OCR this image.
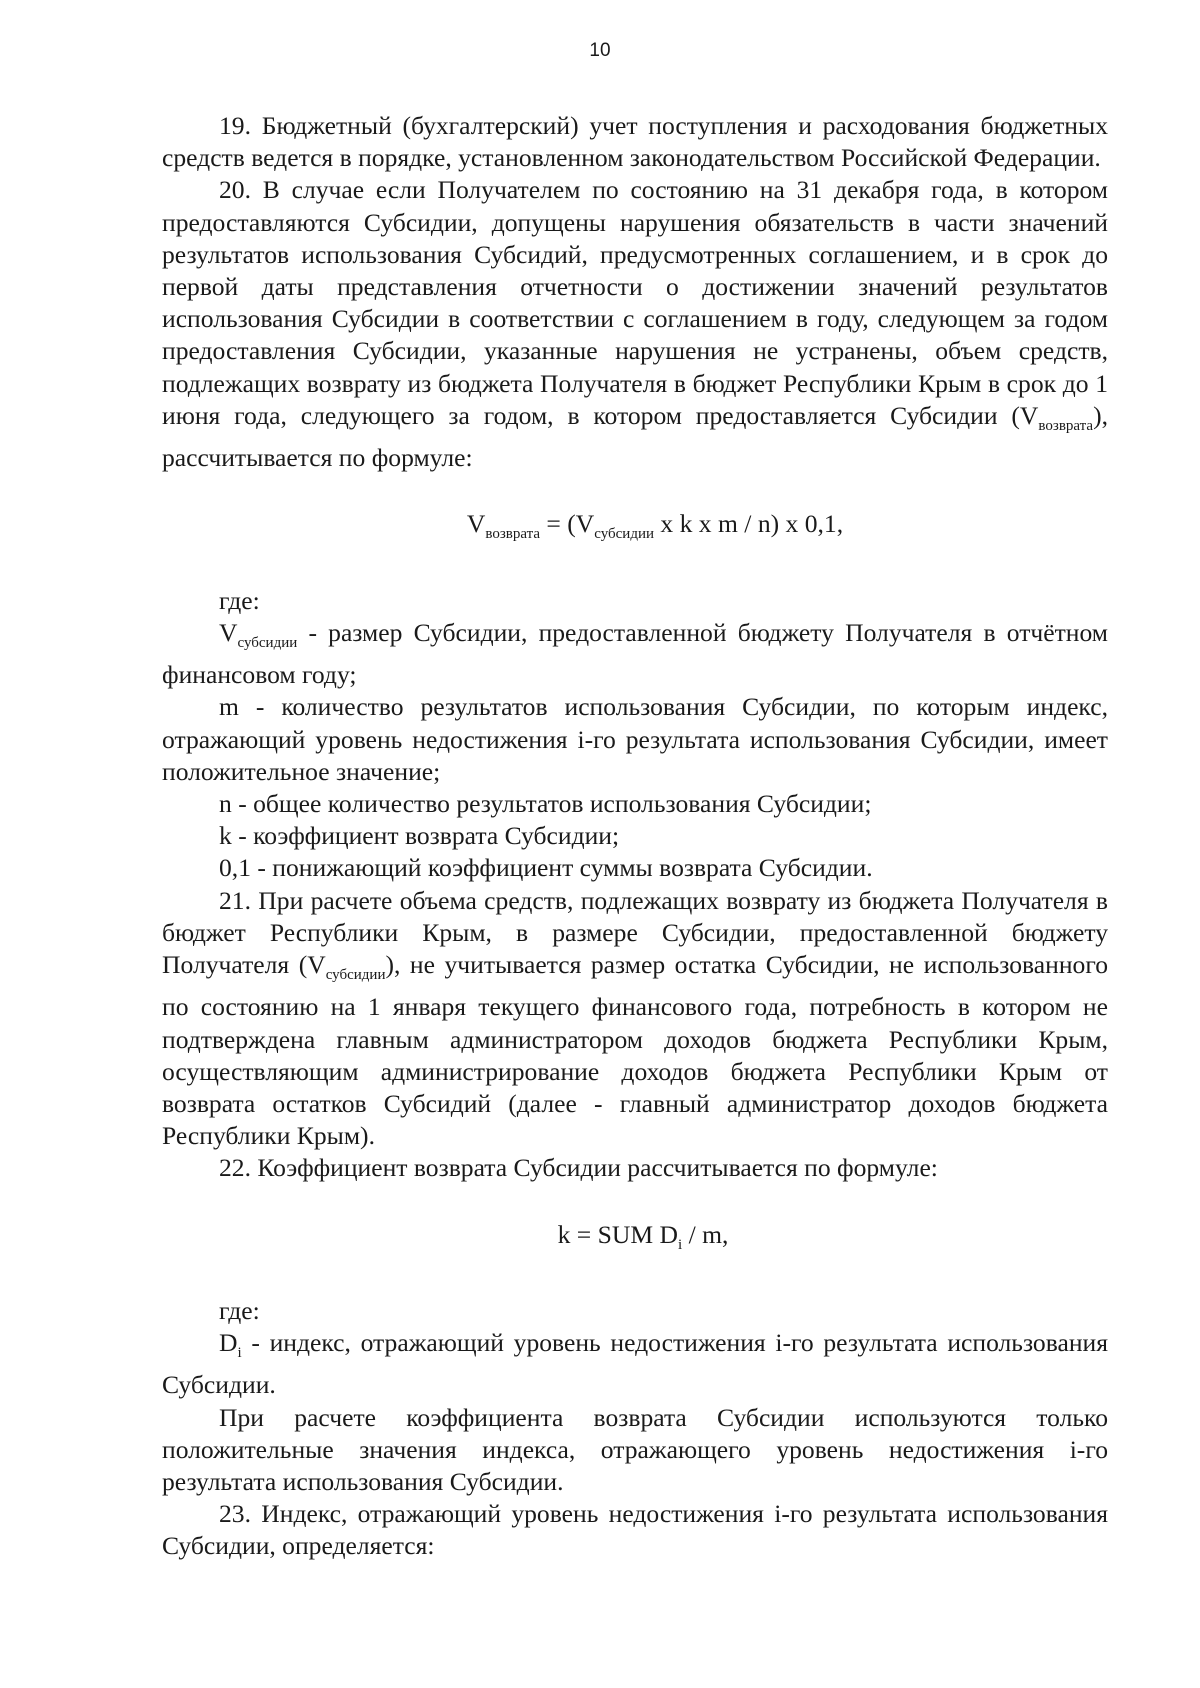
10

19. Бюджетный (бухгалтерский) учет поступления и расходования бюджетных средств ведется в порядке, установленном законодательством Российской Федерации.

20. В случае если Получателем по состоянию на 31 декабря года, в котором предоставляются Субсидии, допущены нарушения обязательств в части значений результатов использования Субсидий, предусмотренных соглашением, и в срок до первой даты представления отчетности о достижении значений результатов использования Субсидии в соответствии с соглашением в году, следующем за годом предоставления Субсидии, указанные нарушения не устранены, объем средств, подлежащих возврату из бюджета Получателя в бюджет Республики Крым в срок до 1 июня года, следующего за годом, в котором предоставляется Субсидии $(V_{возврата})$, рассчитывается по формуле:

$V_{возврата} = (V_{субсидии}$ x k x m / n) x 0,1,

где:

$V_{субсидии}$ - размер Субсидии, предоставленной бюджету Получателя в отчётном финансовом году;

m - количество результатов использования Субсидии, по которым индекс, отражающий уровень недостижения i-го результата использования Субсидии, имеет положительное значение;

n - общее количество результатов использования Субсидии;

k - коэффициент возврата Субсидии;

0,1 - понижающий коэффициент суммы возврата Субсидии.

21. При расчете объема средств, подлежащих возврату из бюджета Получателя в бюджет Республики Крым, в размере Субсидии, предоставленной бюджету Получателя $(V_{субсидии})$, не учитывается размер остатка Субсидии, не использованного по состоянию на 1 января текущего финансового года, потребность в котором не подтверждена главным администратором доходов бюджета Республики Крым, осуществляющим администрирование доходов бюджета Республики Крым от возврата остатков Субсидий (далее - главный администратор доходов бюджета Республики Крым).

22. Коэффициент возврата Субсидии рассчитывается по формуле:

k = SUM $D_i$ / m,

где:

$D_i$ - индекс, отражающий уровень недостижения i-го результата использования Субсидии.

При расчете коэффициента возврата Субсидии используются только положительные значения индекса, отражающего уровень недостижения i-го результата использования Субсидии.

23. Индекс, отражающий уровень недостижения i-го результата использования Субсидии, определяется:
